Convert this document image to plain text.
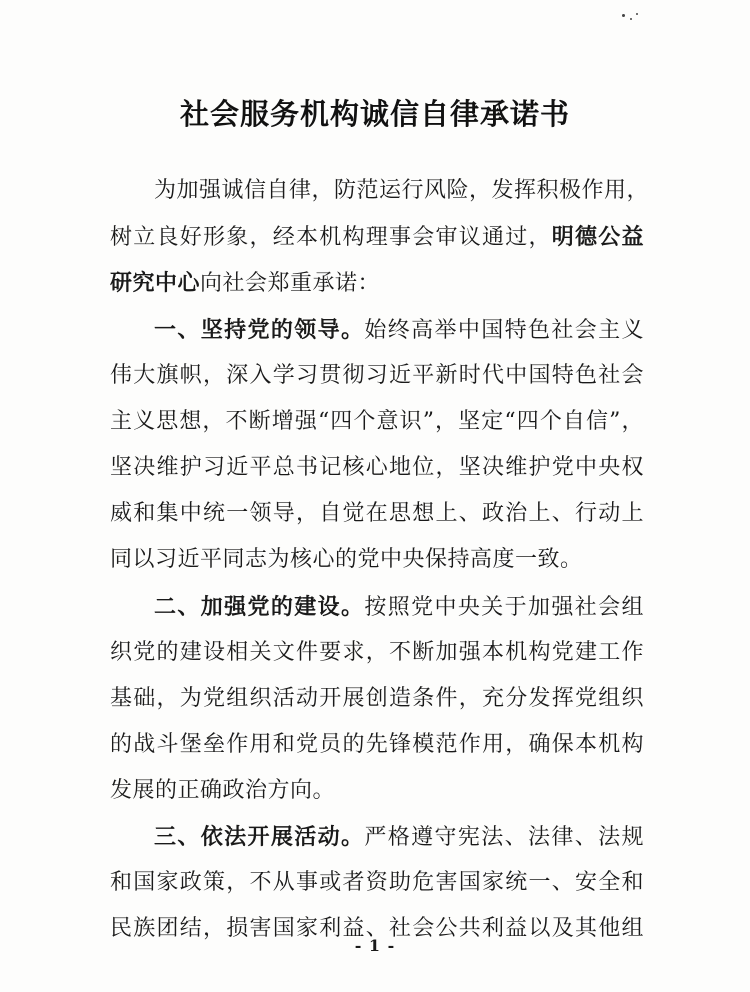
社会服务机构诚信自律承诺书
为加强诚信自律，防范运行风险，发挥积极作用，
树立良好形象，经本机构理事会审议通过，明德公益
研究中心向社会郑重承诺：
一、坚持党的领导。始终高举中国特色社会主义
伟大旗帜，深入学习贯彻习近平新时代中国特色社会
主义思想，不断增强“四个意识”，坚定“四个自信”，
坚决维护习近平总书记核心地位，坚决维护党中央权
威和集中统一领导，自觉在思想上、政治上、行动上
同以习近平同志为核心的党中央保持高度一致。
二、加强党的建设。按照党中央关于加强社会组
织党的建设相关文件要求，不断加强本机构党建工作
基础，为党组织活动开展创造条件，充分发挥党组织
的战斗堡垒作用和党员的先锋模范作用，确保本机构
发展的正确政治方向。
三、依法开展活动。严格遵守宪法、法律、法规
和国家政策，不从事或者资助危害国家统一、安全和
民族团结，损害国家利益、社会公共利益以及其他组
- 1 -
